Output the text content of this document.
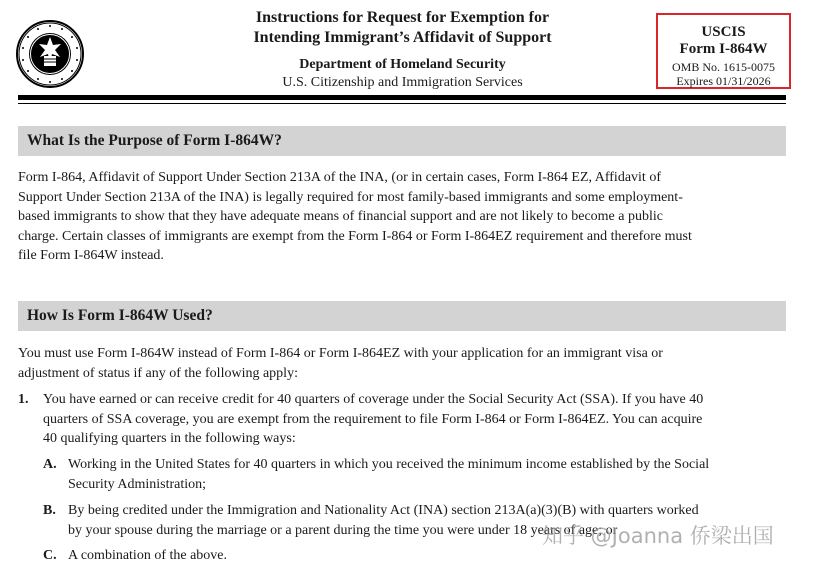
Instructions for Request for Exemption for
Intending Immigrant’s Affidavit of Support
Department of Homeland Security
U.S. Citizenship and Immigration Services
USCIS
Form I-864W
OMB No. 1615-0075
Expires 01/31/2026
What Is the Purpose of Form I-864W?
Form I-864, Affidavit of Support Under Section 213A of the INA, (or in certain cases, Form I-864 EZ, Affidavit of
Support Under Section 213A of the INA) is legally required for most family-based immigrants and some employment-
based immigrants to show that they have adequate means of financial support and are not likely to become a public
charge. Certain classes of immigrants are exempt from the Form I-864 or Form I-864EZ requirement and therefore must
file Form I-864W instead.
How Is Form I-864W Used?
You must use Form I-864W instead of Form I-864 or Form I-864EZ with your application for an immigrant visa or
adjustment of status if any of the following apply:
1. You have earned or can receive credit for 40 quarters of coverage under the Social Security Act (SSA). If you have 40
quarters of SSA coverage, you are exempt from the requirement to file Form I-864 or Form I-864EZ. You can acquire
40 qualifying quarters in the following ways:
A. Working in the United States for 40 quarters in which you received the minimum income established by the Social
Security Administration;
B. By being credited under the Immigration and Nationality Act (INA) section 213A(a)(3)(B) with quarters worked
by your spouse during the marriage or a parent during the time you were under 18 years of age; or
C. A combination of the above.
知乎 @Joanna 侨梁出国
